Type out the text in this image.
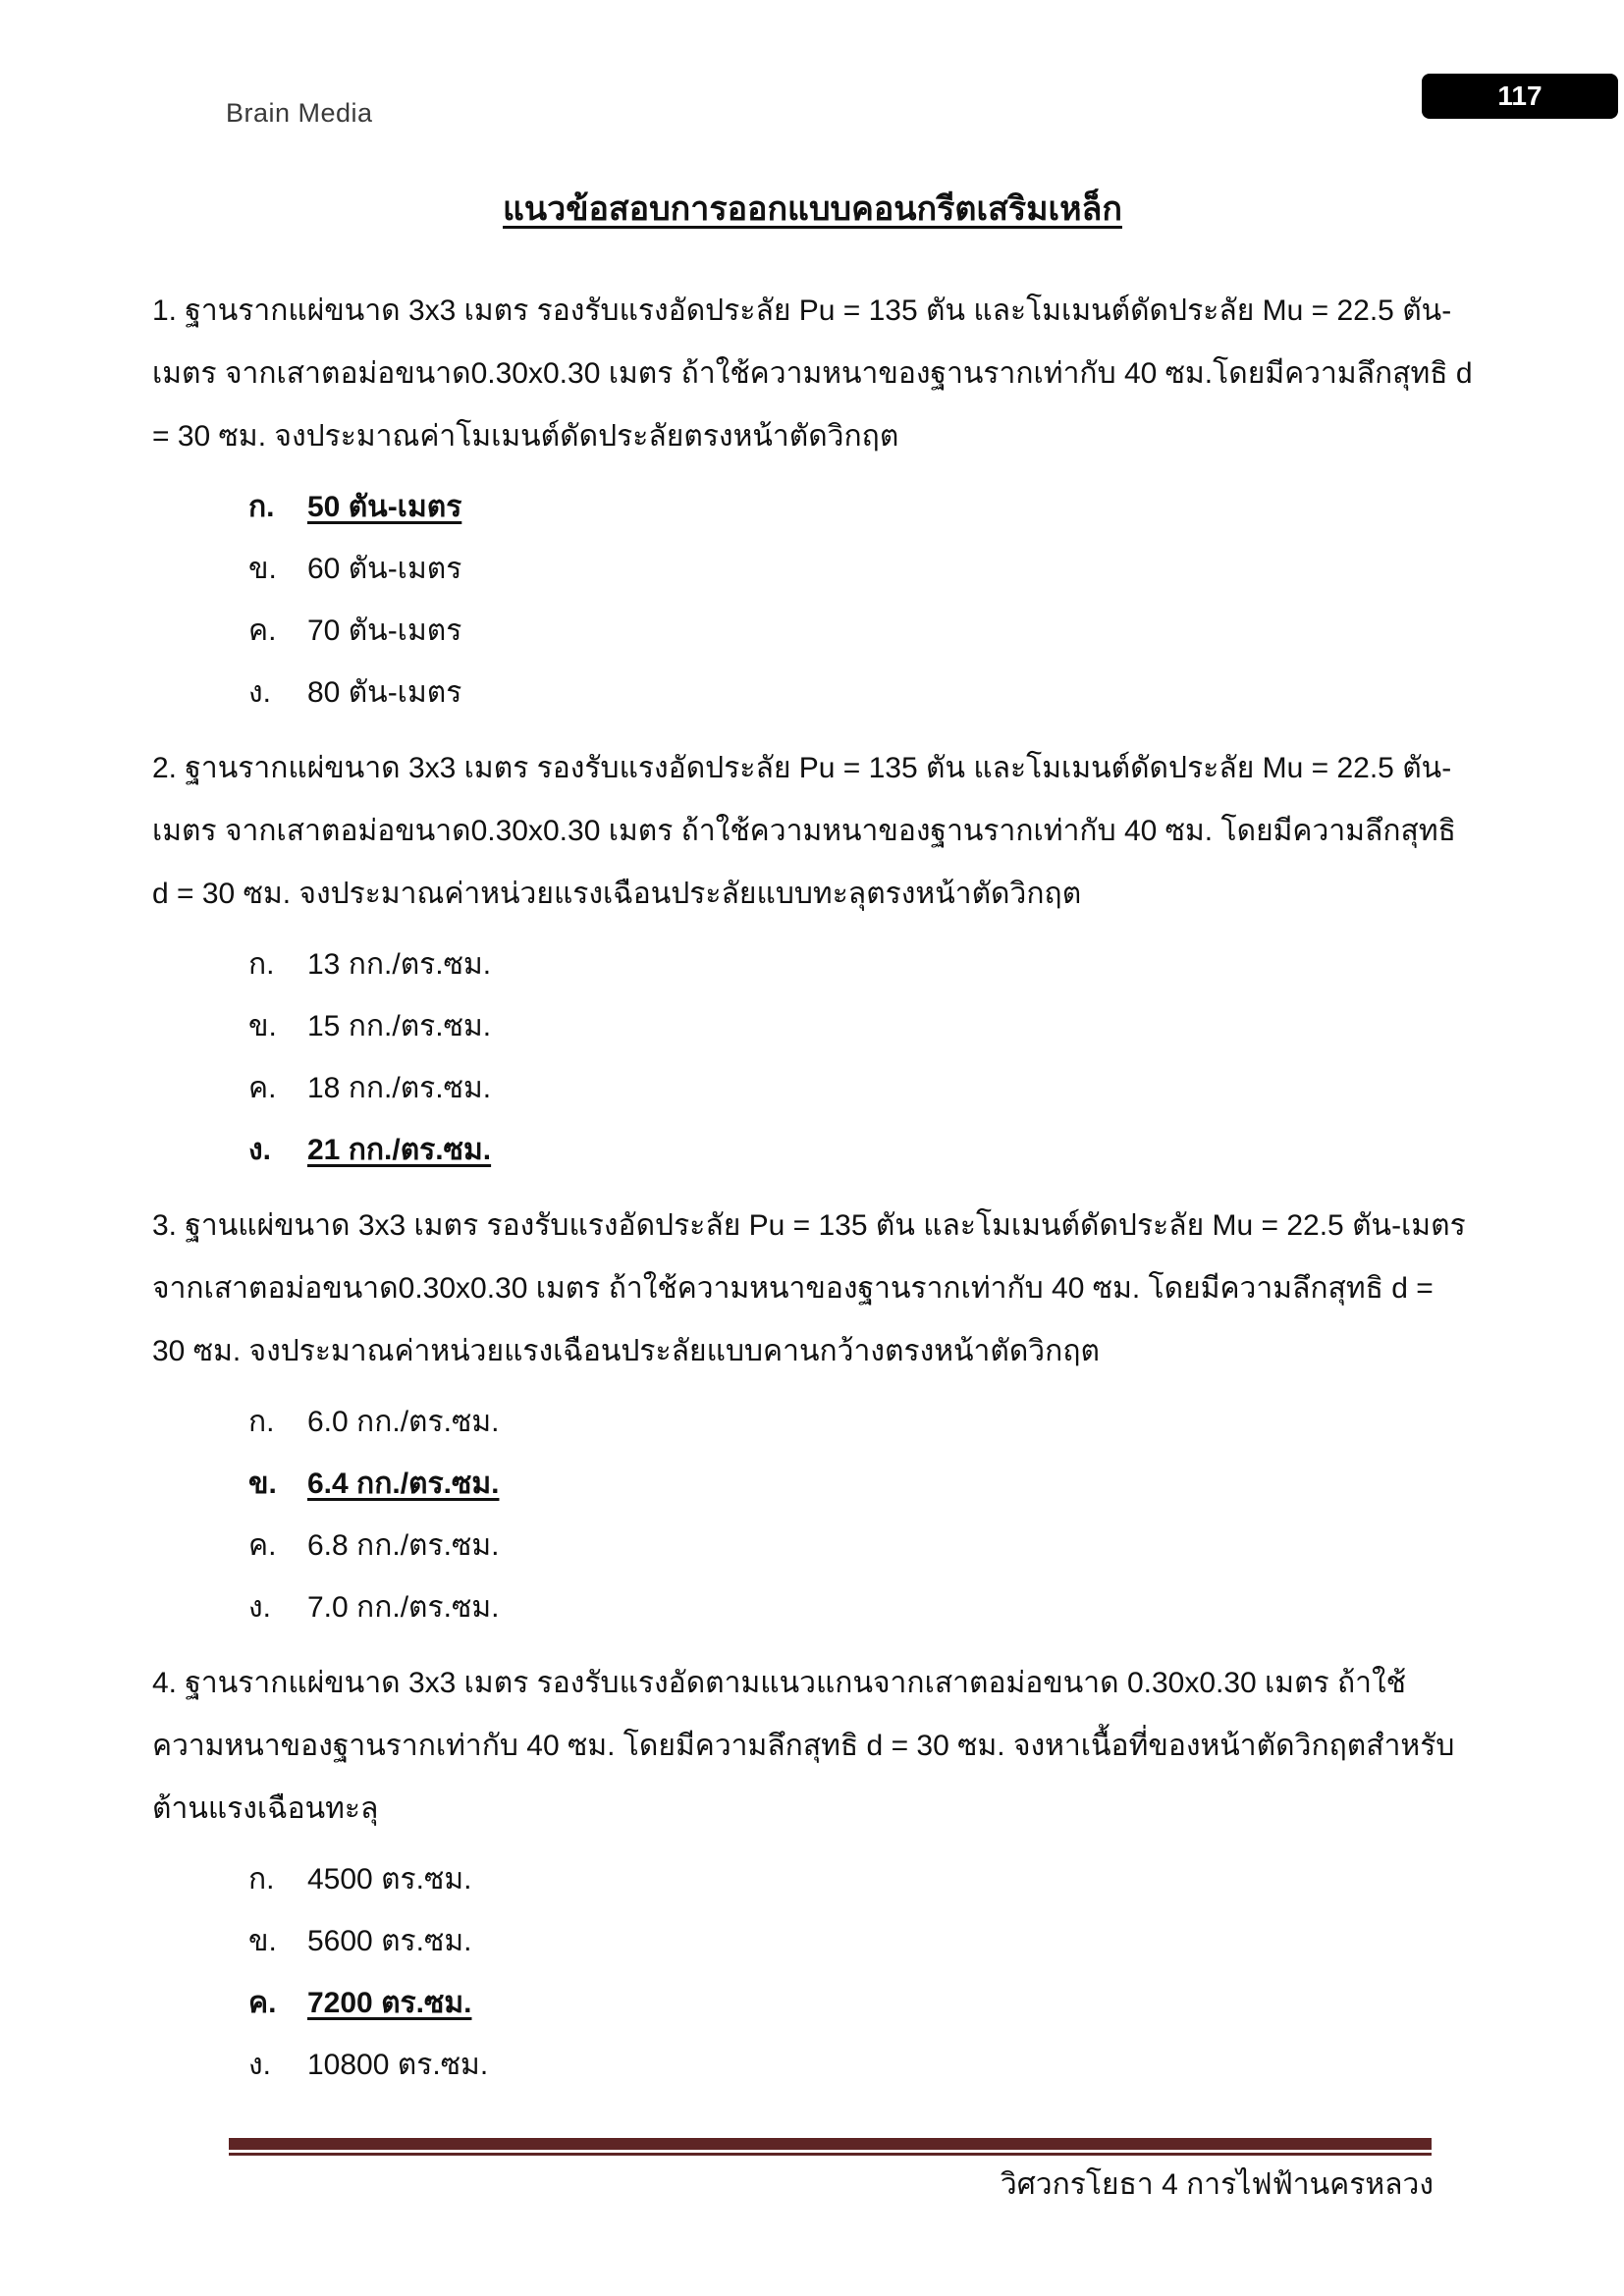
Brain Media
117
แนวข้อสอบการออกแบบคอนกรีตเสริมเหล็ก

1. ฐานรากแผ่ขนาด 3x3 เมตร รองรับแรงอัดประลัย Pu = 135 ตัน และโมเมนต์ดัดประลัย Mu = 22.5 ตัน-เมตร จากเสาตอม่อขนาด0.30x0.30 เมตร ถ้าใช้ความหนาของฐานรากเท่ากับ 40 ซม.โดยมีความลึกสุทธิ d = 30 ซม. จงประมาณค่าโมเมนต์ดัดประลัยตรงหน้าตัดวิกฤต

ก.	50 ตัน-เมตร
ข.	60 ตัน-เมตร
ค.	70 ตัน-เมตร
ง.	80 ตัน-เมตร

2. ฐานรากแผ่ขนาด 3x3 เมตร รองรับแรงอัดประลัย Pu = 135 ตัน และโมเมนต์ดัดประลัย Mu = 22.5 ตัน-เมตร จากเสาตอม่อขนาด0.30x0.30 เมตร ถ้าใช้ความหนาของฐานรากเท่ากับ 40 ซม. โดยมีความลึกสุทธิ d = 30 ซม. จงประมาณค่าหน่วยแรงเฉือนประลัยแบบทะลุตรงหน้าตัดวิกฤต

ก.	13 กก./ตร.ซม.
ข.	15 กก./ตร.ซม.
ค.	18 กก./ตร.ซม.
ง.	21 กก./ตร.ซม.

3. ฐานแผ่ขนาด 3x3 เมตร รองรับแรงอัดประลัย Pu = 135 ตัน และโมเมนต์ดัดประลัย Mu = 22.5 ตัน-เมตร จากเสาตอม่อขนาด0.30x0.30 เมตร ถ้าใช้ความหนาของฐานรากเท่ากับ 40 ซม. โดยมีความลึกสุทธิ d = 30 ซม. จงประมาณค่าหน่วยแรงเฉือนประลัยแบบคานกว้างตรงหน้าตัดวิกฤต

ก.	6.0 กก./ตร.ซม.
ข.	6.4 กก./ตร.ซม.
ค.	6.8 กก./ตร.ซม.
ง.	7.0 กก./ตร.ซม.

4. ฐานรากแผ่ขนาด 3x3 เมตร รองรับแรงอัดตามแนวแกนจากเสาตอม่อขนาด 0.30x0.30 เมตร ถ้าใช้ความหนาของฐานรากเท่ากับ 40 ซม. โดยมีความลึกสุทธิ d = 30 ซม. จงหาเนื้อที่ของหน้าตัดวิกฤตสำหรับต้านแรงเฉือนทะลุ

ก.	4500 ตร.ซม.
ข.	5600 ตร.ซม.
ค.	7200 ตร.ซม.
ง.	10800 ตร.ซม.
วิศวกรโยธา 4 การไฟฟ้านครหลวง
